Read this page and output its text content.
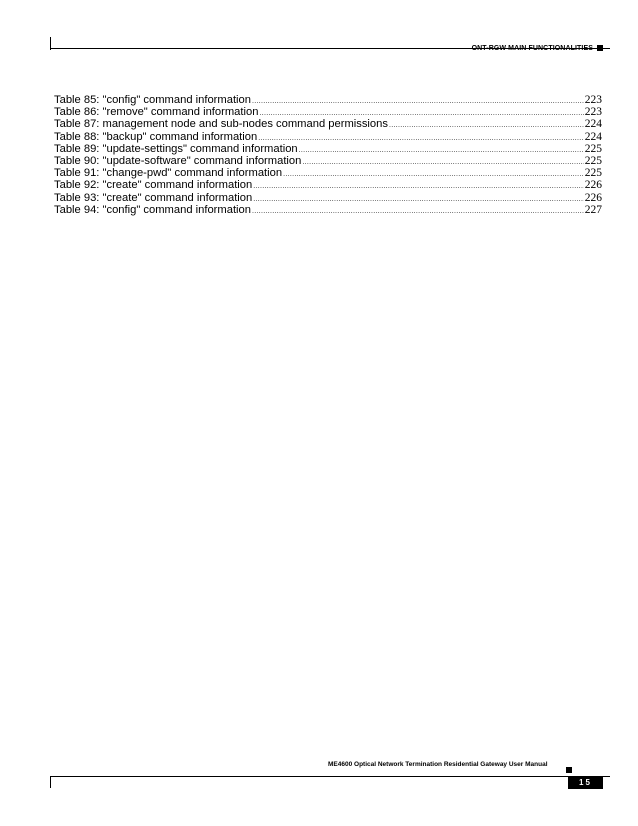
ONT-RGW MAIN FUNCTIONALITIES
Table 85: "config" command information .....	223
Table 86: "remove" command information .....	223
Table 87: management node and sub-nodes command permissions .....	224
Table 88: "backup" command information .....	224
Table 89: "update-settings" command information .....	225
Table 90: "update-software" command information .....	225
Table 91: "change-pwd" command information .....	225
Table 92: "create" command information .....	226
Table 93: "create" command information .....	226
Table 94: "config" command information .....	227
ME4600 Optical Network Termination Residential Gateway User Manual
15
